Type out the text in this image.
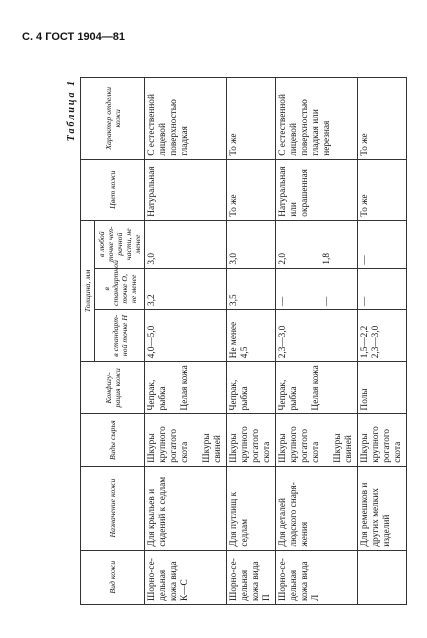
С. 4 ГОСТ 1904—81
Таблица 1
Вид кожи	Назначение кожи	Виды сырья	Конфигурация кожи	Толщина, мм			Цвет кожи	Характер отделки кожи
				в стандартной точке Н	в стандартной точке О, не менее	в любой точке чепрачной части, не менее		
Шорно-седельная кожа вида К—С	Для крыльев и сидений к седлам	Шкуры крупного рогатого скота Шкуры свиней	Чепрак, рыбка Целая кожа	4,0—5,0	3,2	3,0	Натуральная	С естественной лицевой поверхностью гладкая
Шорно-седельная кожа вида П	Для путлищ к седлам	Шкуры крупного рогатого скота	Чепрак, рыбка	Не менее 4,5	3,5	3,0	То же	То же
Шорно-седельная кожа вида Л	Для деталей людского снаряжения	Шкуры крупного рогатого скота Шкуры свиней	Чепрак, рыбка Целая кожа	2,3—3,0	— —	2,0 1,8	Натуральная или окрашенная	С естественной лицевой поверхностью гладкая или нерезная
	Для ремешков и других мелких изделий	Шкуры крупного рогатого скота	Полы	1,5—2,2 2,3—3,0	—	—	То же	То же
